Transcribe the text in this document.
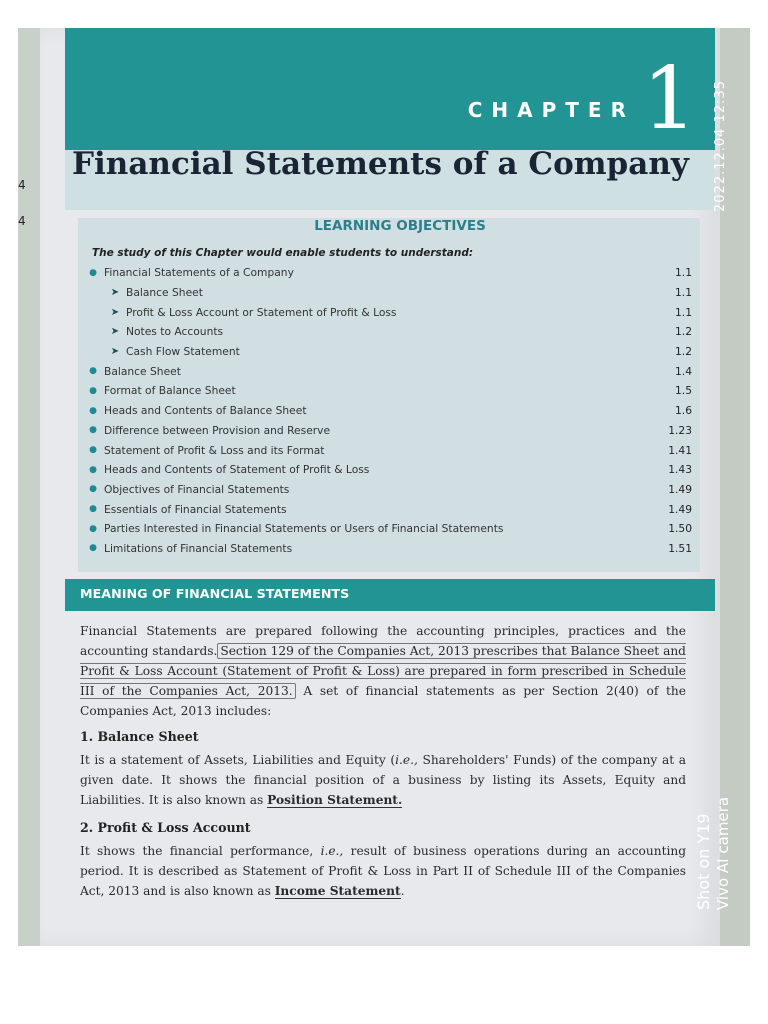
CHAPTER 1
Financial Statements of a Company
LEARNING OBJECTIVES
The study of this Chapter would enable students to understand:
● Financial Statements of a Company	1.1
➤ Balance Sheet	1.1
➤ Profit & Loss Account or Statement of Profit & Loss	1.1
➤ Notes to Accounts	1.2
➤ Cash Flow Statement	1.2
● Balance Sheet	1.4
● Format of Balance Sheet	1.5
● Heads and Contents of Balance Sheet	1.6
● Difference between Provision and Reserve	1.23
● Statement of Profit & Loss and its Format	1.41
● Heads and Contents of Statement of Profit & Loss	1.43
● Objectives of Financial Statements	1.49
● Essentials of Financial Statements	1.49
● Parties Interested in Financial Statements or Users of Financial Statements	1.50
● Limitations of Financial Statements	1.51
MEANING OF FINANCIAL STATEMENTS

Financial Statements are prepared following the accounting principles, practices and the accounting standards. Section 129 of the Companies Act, 2013 prescribes that Balance Sheet and Profit & Loss Account (Statement of Profit & Loss) are prepared in form prescribed in Schedule III of the Companies Act, 2013. A set of financial statements as per Section 2(40) of the Companies Act, 2013 includes:

1. Balance Sheet

It is a statement of Assets, Liabilities and Equity (i.e., Shareholders' Funds) of the company at a given date. It shows the financial position of a business by listing its Assets, Equity and Liabilities. It is also known as Position Statement.

2. Profit & Loss Account

It shows the financial performance, i.e., result of business operations during an accounting period. It is described as Statement of Profit & Loss in Part II of Schedule III of the Companies Act, 2013 and is also known as Income Statement.

4
4
2022.12.04 12:35
Shot on Y19 Vivo AI camera
